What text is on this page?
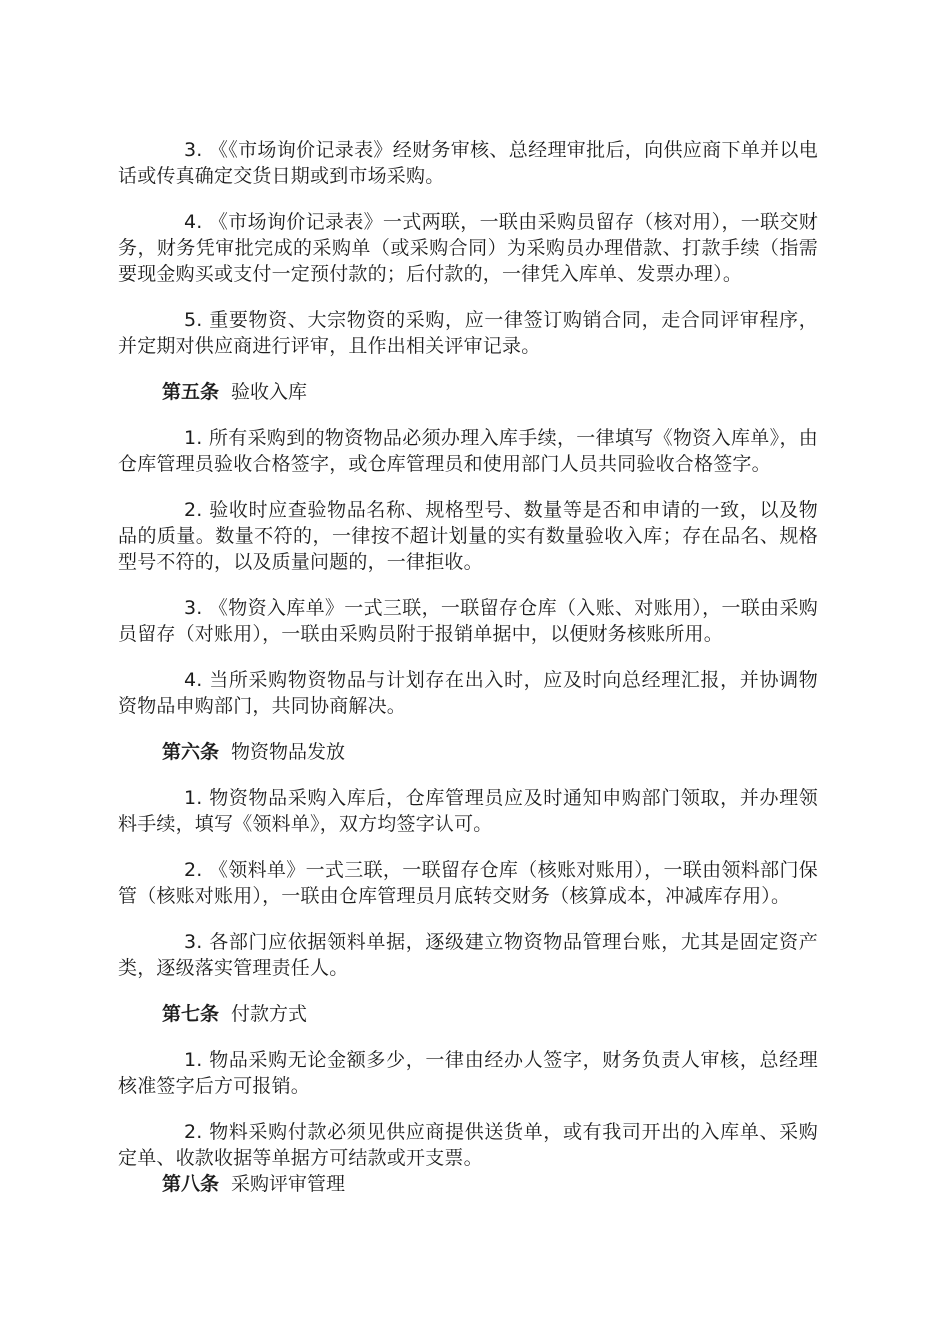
3. 《《市场询价记录表》经财务审核、总经理审批后，向供应商下单并以电话或传真确定交货日期或到市场采购。

4. 《市场询价记录表》一式两联，一联由采购员留存（核对用），一联交财务，财务凭审批完成的采购单（或采购合同）为采购员办理借款、打款手续（指需要现金购买或支付一定预付款的；后付款的，一律凭入库单、发票办理）。

5. 重要物资、大宗物资的采购，应一律签订购销合同，走合同评审程序，并定期对供应商进行评审，且作出相关评审记录。

第五条 验收入库

1. 所有采购到的物资物品必须办理入库手续，一律填写《物资入库单》，由仓库管理员验收合格签字，或仓库管理员和使用部门人员共同验收合格签字。

2. 验收时应查验物品名称、规格型号、数量等是否和申请的一致，以及物品的质量。数量不符的，一律按不超计划量的实有数量验收入库；存在品名、规格型号不符的，以及质量问题的，一律拒收。

3. 《物资入库单》一式三联，一联留存仓库（入账、对账用），一联由采购员留存（对账用），一联由采购员附于报销单据中，以便财务核账所用。

4. 当所采购物资物品与计划存在出入时，应及时向总经理汇报，并协调物资物品申购部门，共同协商解决。

第六条 物资物品发放

1. 物资物品采购入库后，仓库管理员应及时通知申购部门领取，并办理领料手续，填写《领料单》，双方均签字认可。

2. 《领料单》一式三联，一联留存仓库（核账对账用），一联由领料部门保管（核账对账用），一联由仓库管理员月底转交财务（核算成本，冲减库存用）。

3. 各部门应依据领料单据，逐级建立物资物品管理台账，尤其是固定资产类，逐级落实管理责任人。

第七条 付款方式

1. 物品采购无论金额多少，一律由经办人签字，财务负责人审核，总经理核准签字后方可报销。

2. 物料采购付款必须见供应商提供送货单，或有我司开出的入库单、采购定单、收款收据等单据方可结款或开支票。

第八条 采购评审管理
